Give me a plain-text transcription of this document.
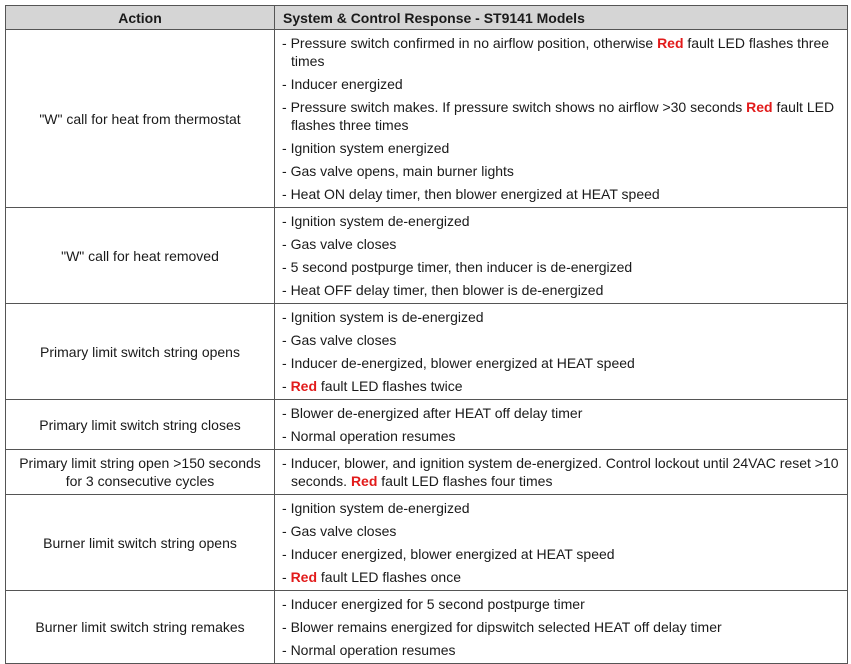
Action	System & Control Response - ST9141 Models
"W" call for heat from thermostat	
- Pressure switch confirmed in no airflow position, otherwise Red fault LED flashes three times
- Inducer energized
- Pressure switch makes. If pressure switch shows no airflow >30 seconds Red fault LED flashes three times
- Ignition system energized
- Gas valve opens, main burner lights
- Heat ON delay timer, then blower energized at HEAT speed

"W" call for heat removed	
- Ignition system de-energized
- Gas valve closes
- 5 second postpurge timer, then inducer is de-energized
- Heat OFF delay timer, then blower is de-energized

Primary limit switch string opens	
- Ignition system is de-energized
- Gas valve closes
- Inducer de-energized, blower energized at HEAT speed
- Red fault LED flashes twice

Primary limit switch string closes	
- Blower de-energized after HEAT off delay timer
- Normal operation resumes

Primary limit string open >150 seconds for 3 consecutive cycles	
- Inducer, blower, and ignition system de-energized. Control lockout until 24VAC reset >10 seconds. Red fault LED flashes four times

Burner limit switch string opens	
- Ignition system de-energized
- Gas valve closes
- Inducer energized, blower energized at HEAT speed
- Red fault LED flashes once

Burner limit switch string remakes	
- Inducer energized for 5 second postpurge timer
- Blower remains energized for dipswitch selected HEAT off delay timer
- Normal operation resumes
